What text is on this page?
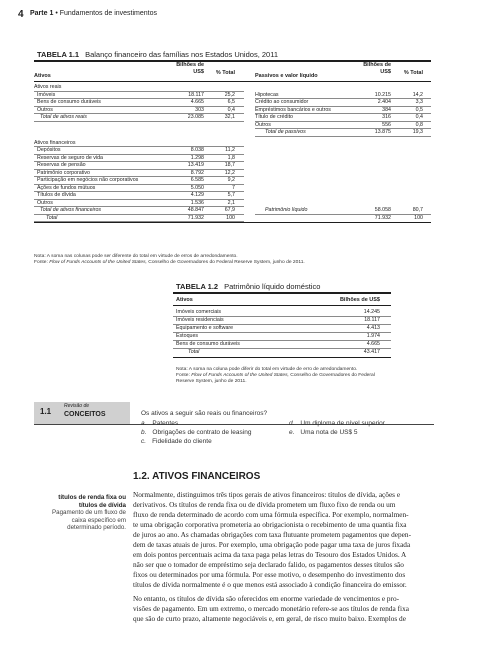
4 Parte 1 • Fundamentos de investimentos
TABELA 1.1 Balanço financeiro das famílias nos Estados Unidos, 2011
Ativos
Bilhões de US$	% Total	Passivos e valor líquido
Bilhões de US$	% Total
Ativos reais
Imóveis	18.117	25,2
Bens de consumo duráveis	4.665	6,5
Outros	303	0,4
Total de ativos reais	23.085	32,1
Hipotecas	10.215	14,2
Crédito ao consumidor	2.404	3,3
Empréstimos bancários e outros	384	0,5
Título de crédito	316	0,4
Outros	556	0,8
Total de passivos	13.875	19,3
Ativos financeiros
Depósitos	8.038	11,2
Reservas de seguro de vida	1.298	1,8
Reservas de pensão	13.419	18,7
Patrimônio corporativo	8.792	12,2
Participação em negócios não corporativos	6.585	9,2
Ações de fundos mútuos	5.050	7
Títulos de dívida	4.129	5,7
Outros	1.536	2,1
Total de ativos financeiros	48.847	67,9	Patrimônio líquido	58.058	80,7
Total	71.932	100	71.932	100
Nota: A soma nas colunas pode ser diferente do total em virtude de erros de arredondamento.
Fonte: Flow of Funds Accounts of the United States, Conselho de Governadores do Federal Reserve System, junho de 2011.
TABELA 1.2 Patrimônio líquido doméstico
Ativos	Bilhões de US$
Imóveis comerciais	14.245
Imóveis residenciais	18.117
Equipamento e software	4.413
Estoques	1.974
Bens de consumo duráveis	4.665
Total	43.417
Nota: A soma na coluna pode diferir do total em virtude de erro de arredondamento.
Fonte: Flow of Funds Accounts of the United States, Conselho de Governadores do Federal
Reserve System, junho de 2011.
1.1
Revisão de
CONCEITOS	Os ativos a seguir são reais ou financeiros?
a. Patentes
b. Obrigações de contrato de leasing
c. Fidelidade do cliente
d. Um diploma de nível superior
e. Uma nota de US$ 5
1.2. ATIVOS FINANCEIROS
títulos de renda fixa ou títulos de dívida
Pagamento de um fluxo de caixa específico em determinado período.
Normalmente, distinguimos três tipos gerais de ativos financeiros: títulos de dívida, ações e
derivativos. Os títulos de renda fixa ou de dívida prometem um fluxo fixo de renda ou um
fluxo de renda determinado de acordo com uma fórmula específica. Por exemplo, normalmen-
te uma obrigação corporativa prometeria ao obrigacionista o recebimento de uma quantia fixa
de juros ao ano. As chamadas obrigações com taxa flutuante prometem pagamentos que depen-
dem de taxas atuais de juros. Por exemplo, uma obrigação pode pagar uma taxa de juros fixada
em dois pontos percentuais acima da taxa paga pelas letras do Tesouro dos Estados Unidos. A
não ser que o tomador de empréstimo seja declarado falido, os pagamentos desses títulos são
fixos ou determinados por uma fórmula. Por esse motivo, o desempenho do investimento dos
títulos de dívida normalmente é o que menos está associado à condição financeira do emissor.
No entanto, os títulos de dívida são oferecidos em enorme variedade de vencimentos e pro-
visões de pagamento. Em um extremo, o mercado monetário refere-se aos títulos de renda fixa
que são de curto prazo, altamente negociáveis e, em geral, de risco muito baixo. Exemplos de
